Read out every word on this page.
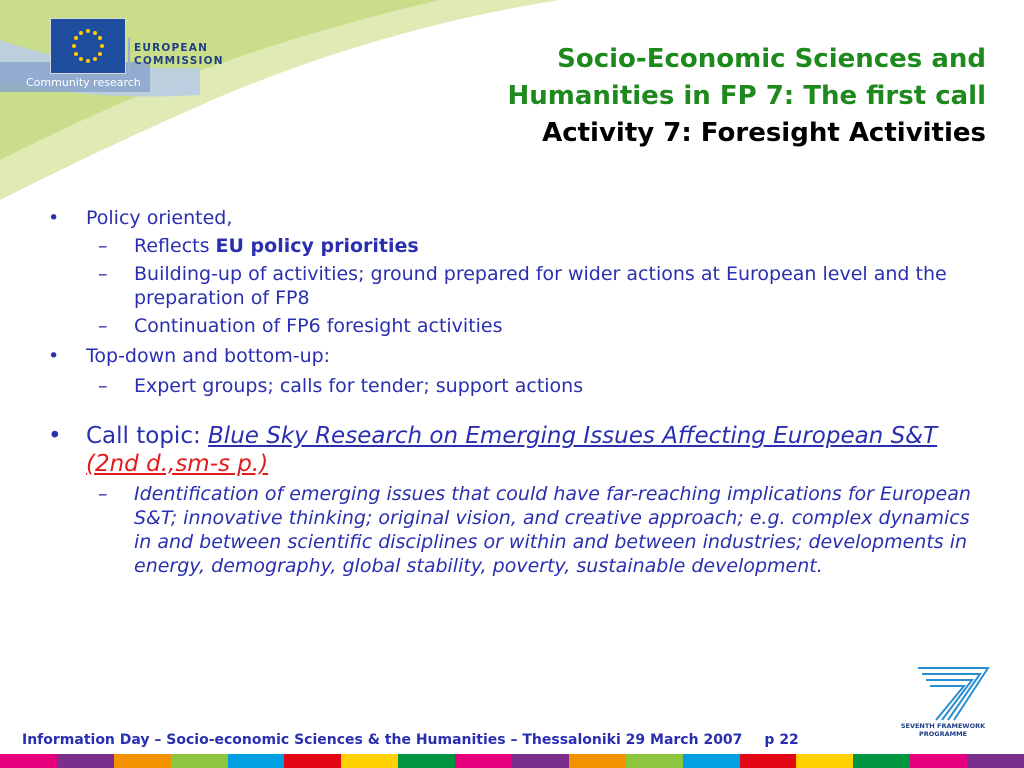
EUROPEAN
COMMISSION
Community research
Socio-Economic Sciences and
Humanities in FP 7: The first call
Activity 7: Foresight Activities
•	Policy oriented,
– Reflects EU policy priorities
– Building-up of activities; ground prepared for wider actions at European level and the preparation of FP8
– Continuation of FP6 foresight activities
•	Top-down and bottom-up:
– Expert groups; calls for tender; support actions
• Call topic: Blue Sky Research on Emerging Issues Affecting European S&T (2nd d.,sm-s p.)
– Identification of emerging issues that could have far-reaching implications for European S&T; innovative thinking; original vision, and creative approach; e.g. complex dynamics in and between scientific disciplines or within and between industries; developments in energy, demography, global stability, poverty, sustainable development.
SEVENTH FRAMEWORK
PROGRAMME
Information Day – Socio-economic Sciences & the Humanities – Thessaloniki 29 March 2007 p 22
